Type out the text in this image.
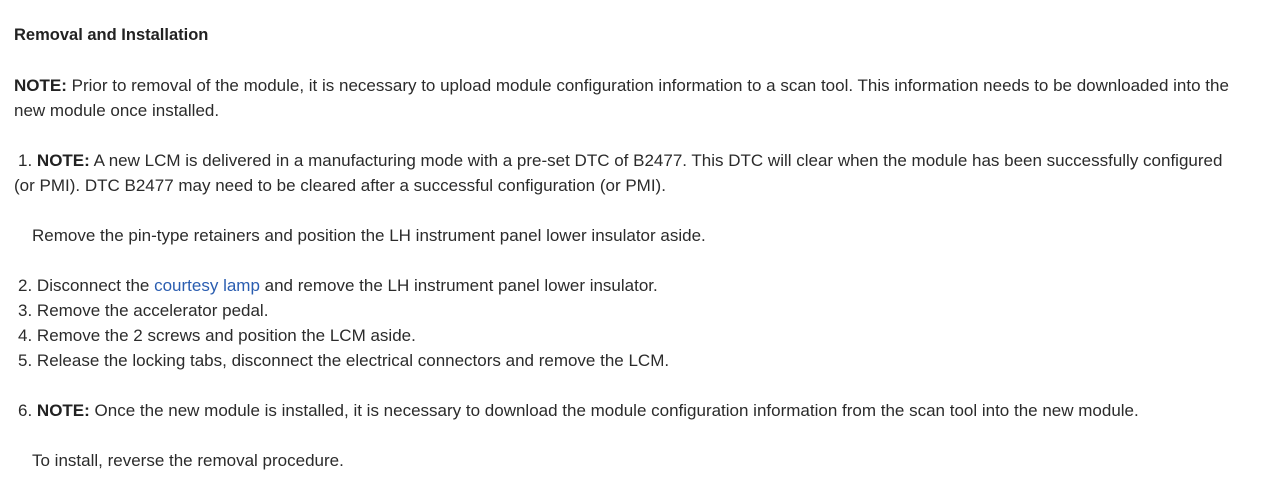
Removal and Installation
NOTE: Prior to removal of the module, it is necessary to upload module configuration information to a scan tool. This information needs to be downloaded into the new module once installed.
1. NOTE: A new LCM is delivered in a manufacturing mode with a pre-set DTC of B2477. This DTC will clear when the module has been successfully configured (or PMI). DTC B2477 may need to be cleared after a successful configuration (or PMI).
Remove the pin-type retainers and position the LH instrument panel lower insulator aside.
2. Disconnect the courtesy lamp and remove the LH instrument panel lower insulator.
3. Remove the accelerator pedal.
4. Remove the 2 screws and position the LCM aside.
5. Release the locking tabs, disconnect the electrical connectors and remove the LCM.
6. NOTE: Once the new module is installed, it is necessary to download the module configuration information from the scan tool into the new module.
To install, reverse the removal procedure.
